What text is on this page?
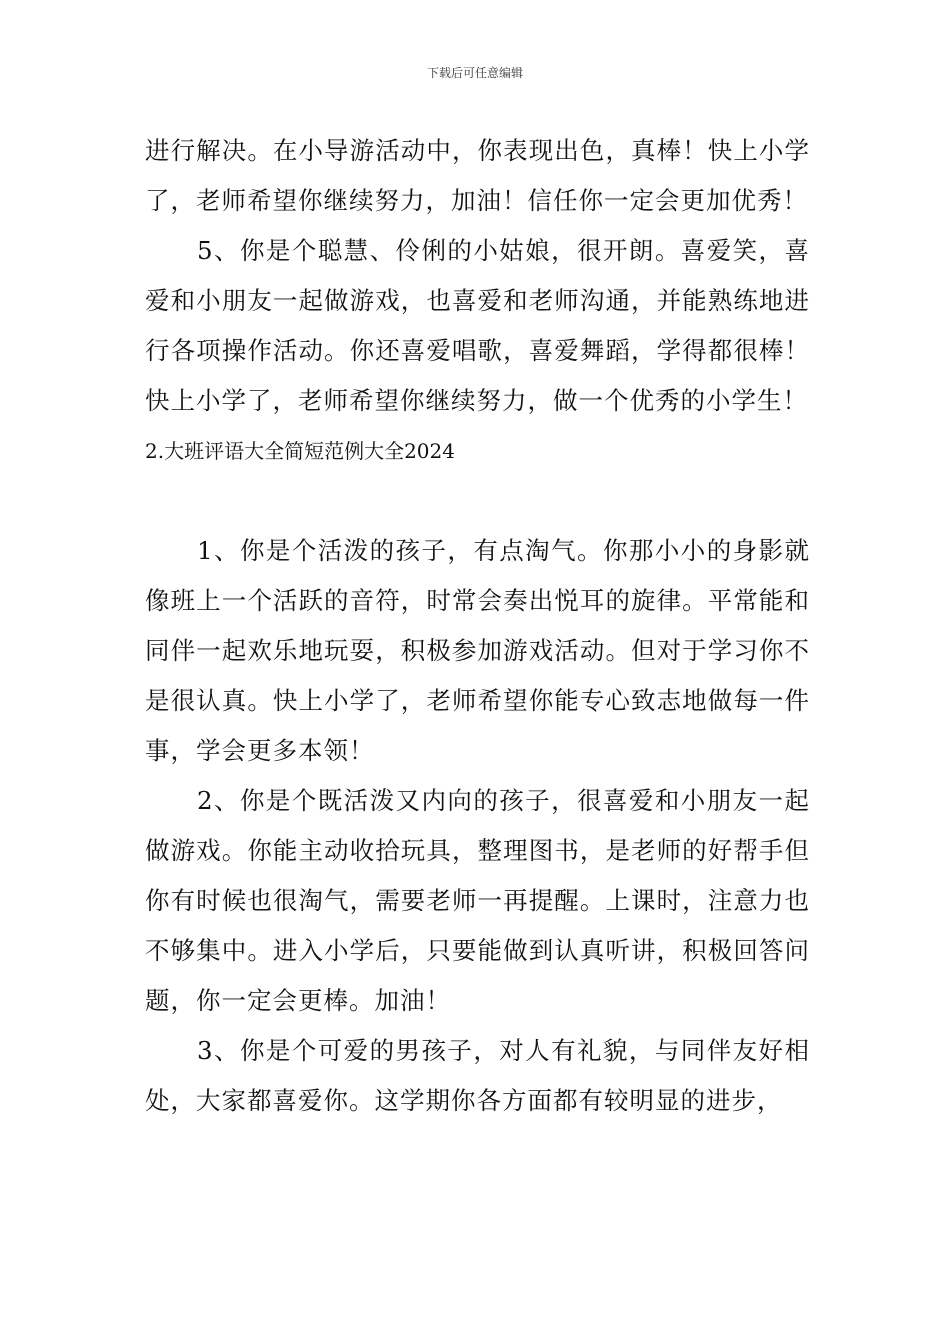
下载后可任意编辑

进行解决。在小导游活动中，你表现出色，真棒！快上小学了，老师希望你继续努力，加油！信任你一定会更加优秀！

5、你是个聪慧、伶俐的小姑娘，很开朗。喜爱笑，喜爱和小朋友一起做游戏，也喜爱和老师沟通，并能熟练地进行各项操作活动。你还喜爱唱歌，喜爱舞蹈，学得都很棒！快上小学了，老师希望你继续努力，做一个优秀的小学生！

2.大班评语大全简短范例大全2024

1、你是个活泼的孩子，有点淘气。你那小小的身影就像班上一个活跃的音符，时常会奏出悦耳的旋律。平常能和同伴一起欢乐地玩耍，积极参加游戏活动。但对于学习你不是很认真。快上小学了，老师希望你能专心致志地做每一件事，学会更多本领！

2、你是个既活泼又内向的孩子，很喜爱和小朋友一起做游戏。你能主动收拾玩具，整理图书，是老师的好帮手但你有时候也很淘气，需要老师一再提醒。上课时，注意力也不够集中。进入小学后，只要能做到认真听讲，积极回答问题，你一定会更棒。加油！

3、你是个可爱的男孩子，对人有礼貌，与同伴友好相处，大家都喜爱你。这学期你各方面都有较明显的进步，
